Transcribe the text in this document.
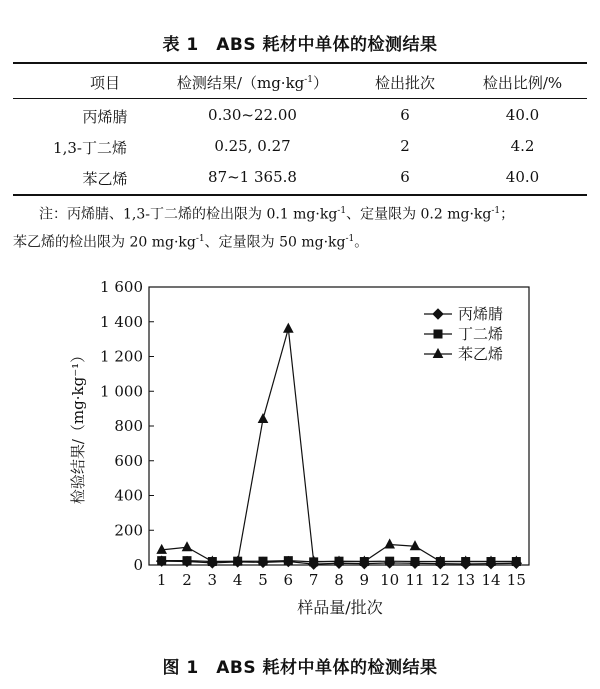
表 1　ABS 耗材中单体的检测结果
项目	检测结果$/(mg\cdot kg^{-1})$	检出批次	检出比例/%
丙烯腈	0.30~22.00	6	40.0
1,3-丁二烯	0.25, 0.27	2	4.2
苯乙烯	87~1 365.8	6	40.0
注：丙烯腈、1,3-丁二烯的检出限为 0.1 $mg\cdot kg^{-1}$、定量限为 0.2 $mg\cdot kg^{-1}$；
苯乙烯的检出限为 20 $mg\cdot kg^{-1}$、定量限为 50 $mg\cdot kg^{-1}$。
0
200
400
600
800
1 000
1 200
1 400
1 600
1 2 3 4 5 6 7 8 9 10 11 12 13 14 15
样品量/批次
检验结果/（mg·kg⁻¹）
丙烯腈
丁二烯
苯乙烯
图 1　ABS 耗材中单体的检测结果
